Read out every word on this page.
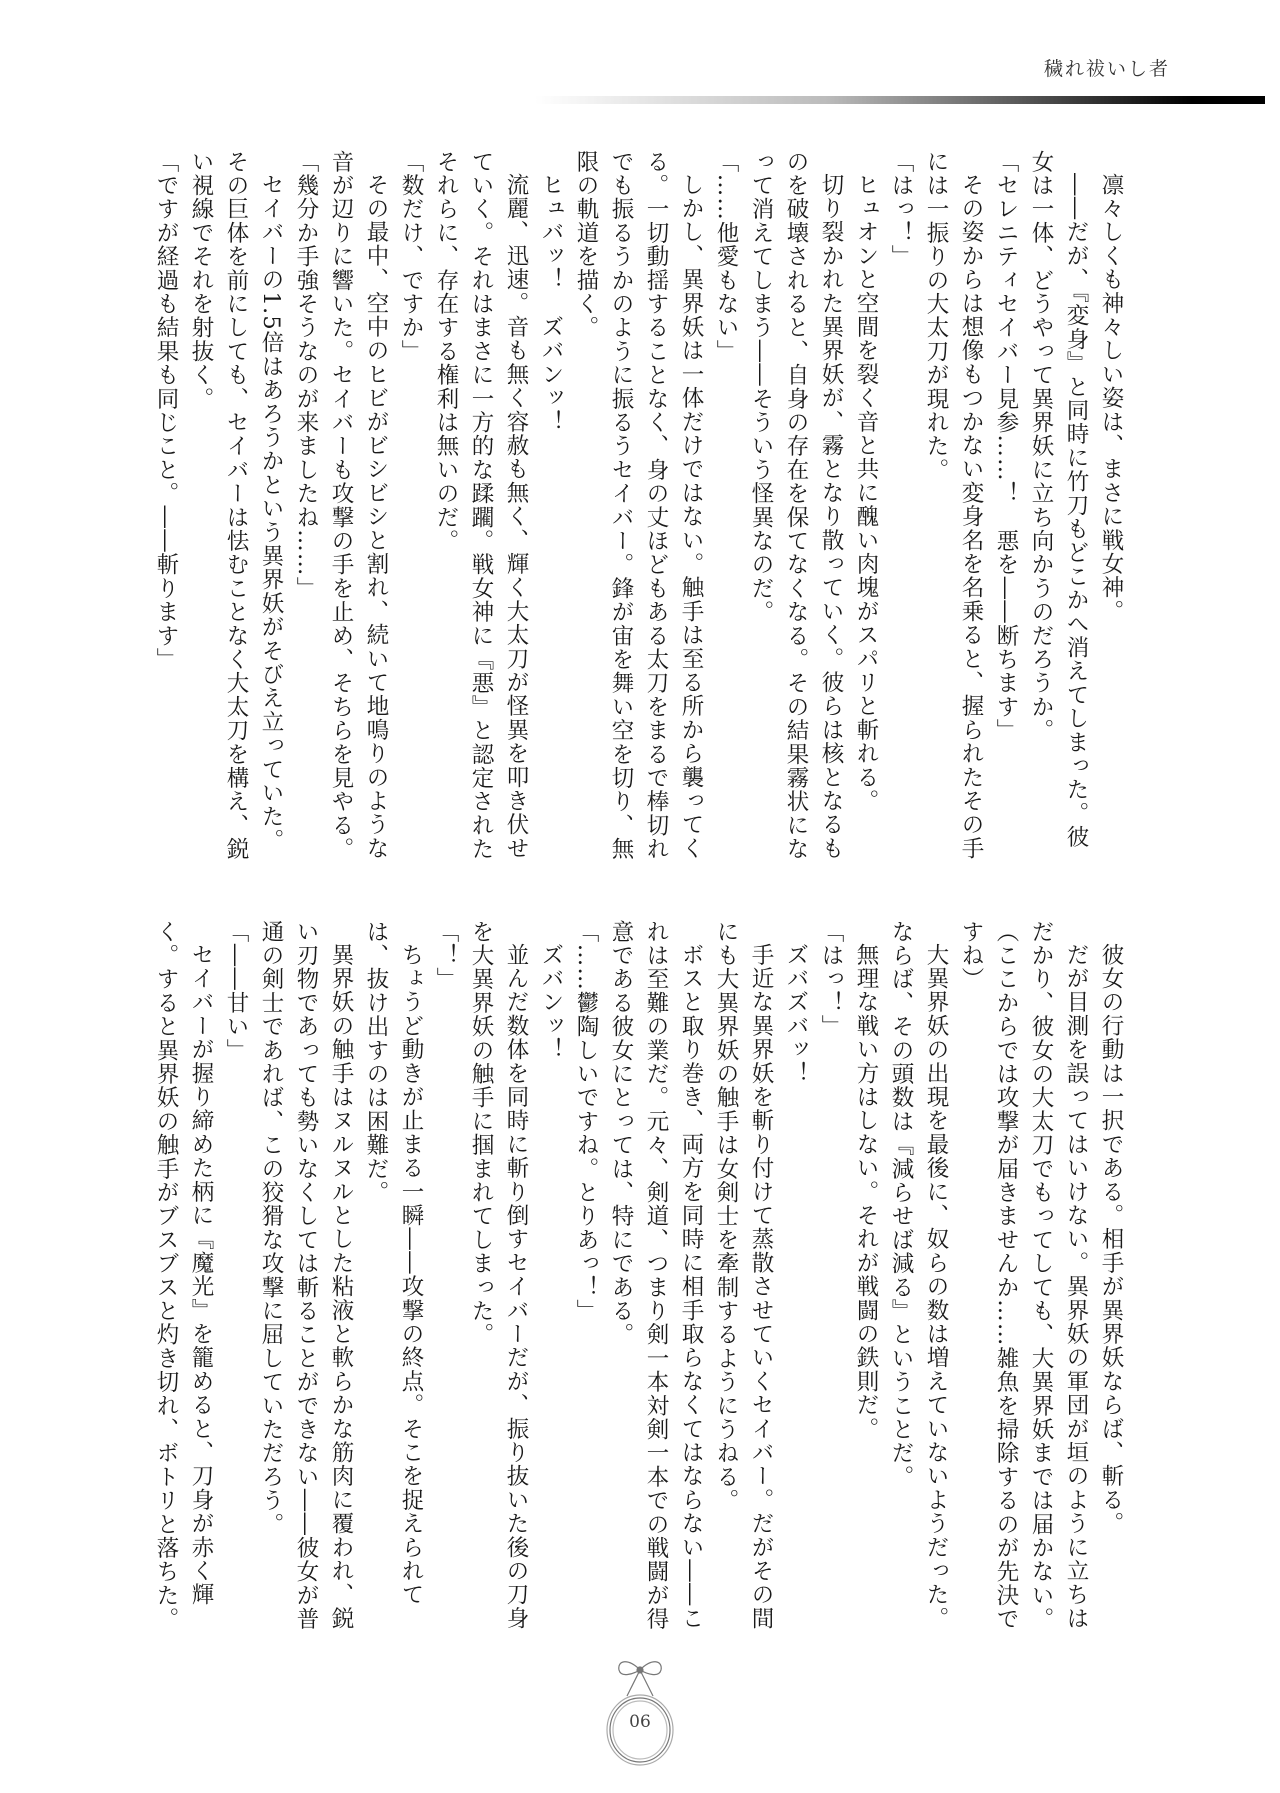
穢れ祓いし者

凛々しくも神々しい姿は、まさに戦女神。

――だが、『変身』と同時に竹刀もどこかへ消えてしまった。彼女は一体、どうやって異界妖に立ち向かうのだろうか。

「セレニティセイバー見参……！　悪を――断ちます」

その姿からは想像もつかない変身名を名乗ると、握られたその手には一振りの大太刀が現れた。

「はっ！」

ヒュオンと空間を裂く音と共に醜い肉塊がスパリと斬れる。

切り裂かれた異界妖が、霧となり散っていく。彼らは核となるものを破壊されると、自身の存在を保てなくなる。その結果霧状になって消えてしまう――そういう怪異なのだ。

「……他愛もない」

しかし、異界妖は一体だけではない。触手は至る所から襲ってくる。一切動揺することなく、身の丈ほどもある太刀をまるで棒切れでも振るうかのように振るうセイバー。鋒が宙を舞い空を切り、無限の軌道を描く。

ヒュバッ！　ズバンッ！

流麗、迅速。音も無く容赦も無く、輝く大太刀が怪異を叩き伏せていく。それはまさに一方的な蹂躙。戦女神に『悪』と認定されたそれらに、存在する権利は無いのだ。

「数だけ、ですか」

その最中、空中のヒビがビシビシと割れ、続いて地鳴りのような音が辺りに響いた。セイバーも攻撃の手を止め、そちらを見やる。

「幾分か手強そうなのが来ましたね……」

セイバーの1.5倍はあろうかという異界妖がそびえ立っていた。その巨体を前にしても、セイバーは怯むことなく大太刀を構え、鋭い視線でそれを射抜く。

「ですが経過も結果も同じこと。――斬ります」

彼女の行動は一択である。相手が異界妖ならば、斬る。

だが目測を誤ってはいけない。異界妖の軍団が垣のように立ちはだかり、彼女の大太刀でもってしても、大異界妖までは届かない。

（ここからでは攻撃が届きませんか……雑魚を掃除するのが先決ですね）

大異界妖の出現を最後に、奴らの数は増えていないようだった。ならば、その頭数は『減らせば減る』ということだ。

無理な戦い方はしない。それが戦闘の鉄則だ。

「はっ！」

ズバズバッ！

手近な異界妖を斬り付けて蒸散させていくセイバー。だがその間にも大異界妖の触手は女剣士を牽制するようにうねる。

ボスと取り巻き、両方を同時に相手取らなくてはならない――これは至難の業だ。元々、剣道、つまり剣一本対剣一本での戦闘が得意である彼女にとっては、特にである。

「……鬱陶しいですね。とりあっ！」

ズバンッ！

並んだ数体を同時に斬り倒すセイバーだが、振り抜いた後の刀身を大異界妖の触手に掴まれてしまった。

「！」

ちょうど動きが止まる一瞬――攻撃の終点。そこを捉えられては、抜け出すのは困難だ。

異界妖の触手はヌルヌルとした粘液と軟らかな筋肉に覆われ、鋭い刃物であっても勢いなくしては斬ることができない――彼女が普通の剣士であれば、この狡猾な攻撃に屈していただろう。

「――甘い」

セイバーが握り締めた柄に『魔光』を籠めると、刀身が赤く輝く。すると異界妖の触手がブスブスと灼き切れ、ボトリと落ちた。

06
